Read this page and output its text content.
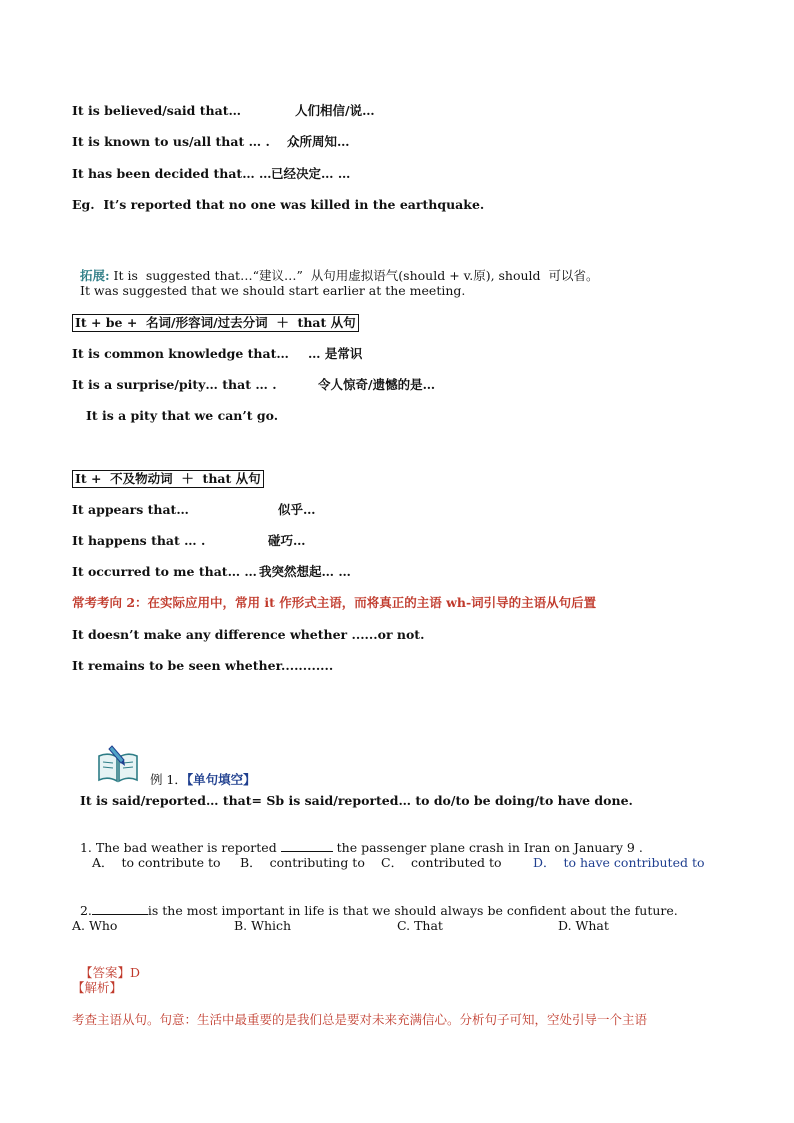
It is believed/said that…	人们相信/说…
It is known to us/all that … . 众所周知…
It has been decided that… … 已经决定… …
Eg.  It’s reported that no one was killed in the earthquake.

拓展: It is  suggested that…“建议…”  从句用虚拟语气(should + v.原), should  可以省。

It was suggested that we should start earlier at the meeting.
It + be +  名词/形容词/过去分词  ＋  that 从句
It is common knowledge that… … 是常识
It is a surprise/pity… that … .	令人惊奇/遗憾的是…
It is a pity that we can’t go.
It +  不及物动词  ＋  that 从句
It appears that…	似乎…
It happens that … .	碰巧…
It occurred to me that… … 我突然想起… …
常考考向 2：在实际应用中，常用 it 作形式主语，而将真正的主语 wh-词引导的主语从句后置
It doesn’t make any difference whether ......or not.
It remains to be seen whether............

例 1．【单句填空】

It is said/reported… that= Sb is said/reported… to do/to be doing/to have done.

1. The bad weather is reported	the passenger plane crash in Iran on January 9 .

A．  to contribute to B．  contributing to C．  contributed to	D．  to have contributed to

2.	is the most important in life is that we should always be confident about the future.

A. Who	B. Which	C. That	D. What

【答案】D

【解析】
考查主语从句。句意：生活中最重要的是我们总是要对未来充满信心。分析句子可知，空处引导一个主语
